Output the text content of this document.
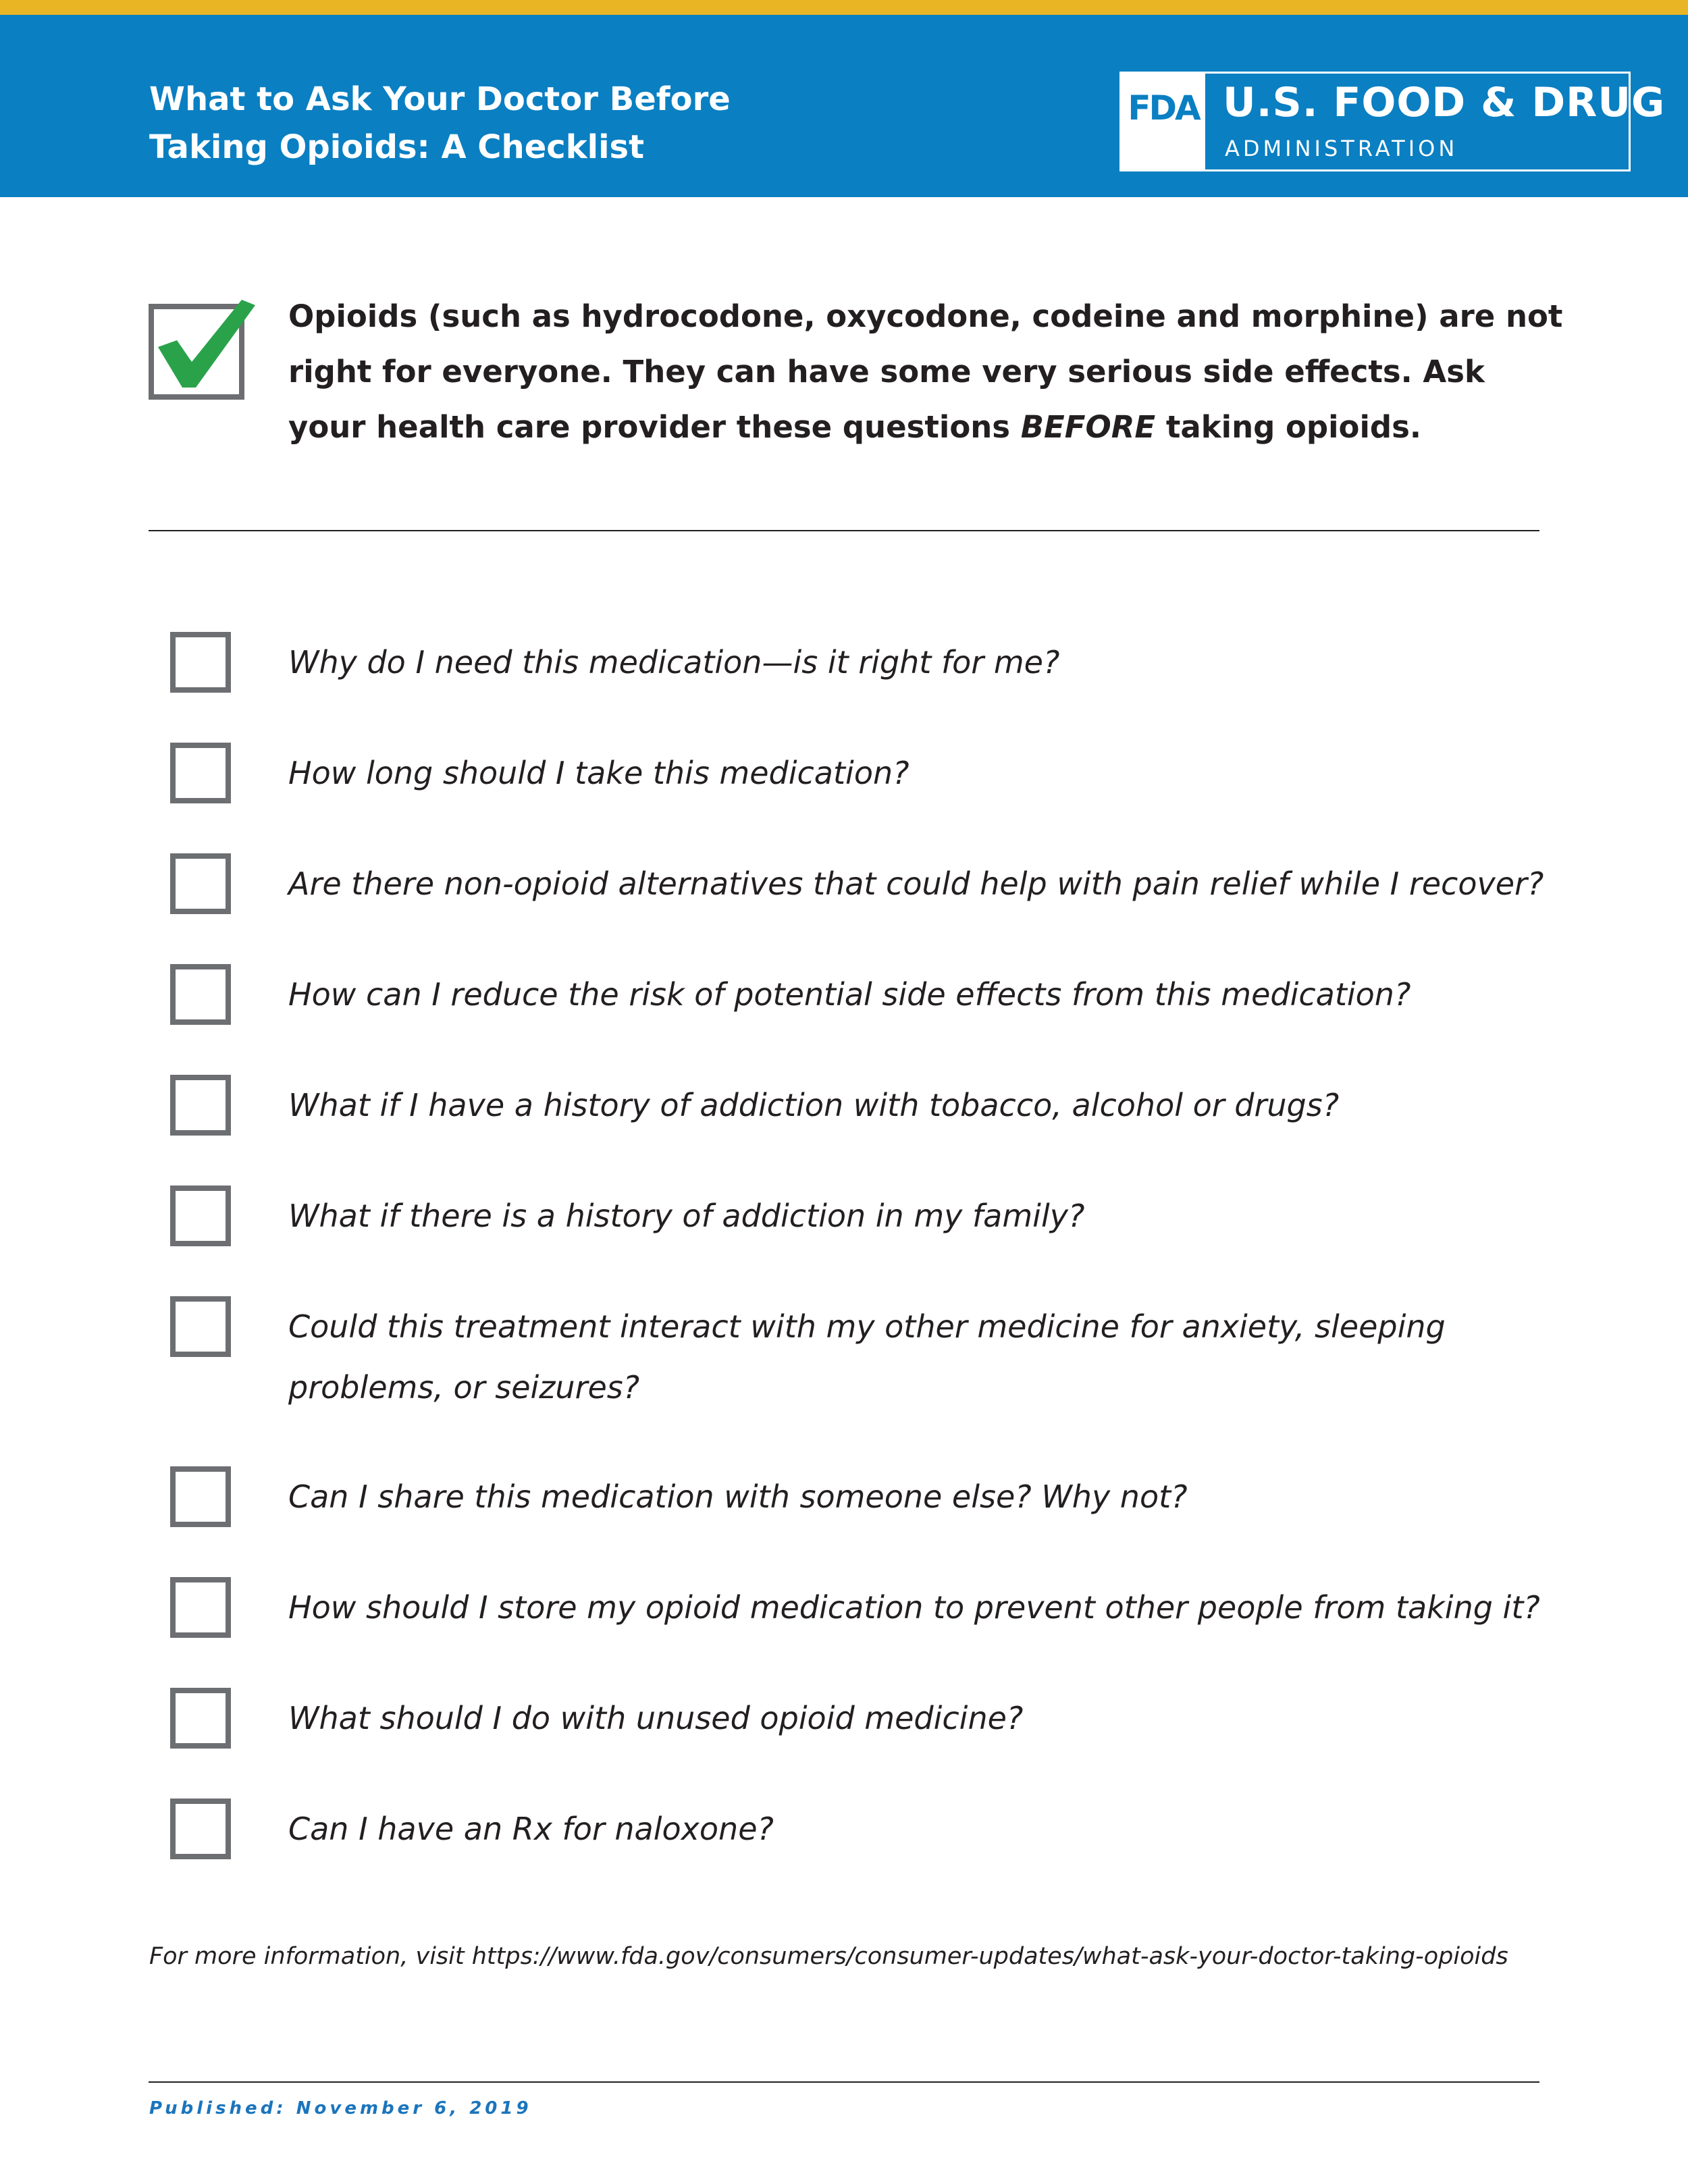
What to Ask Your Doctor Before
Taking Opioids: A Checklist
FDA U.S. FOOD & DRUG
ADMINISTRATION
Opioids (such as hydrocodone, oxycodone, codeine and morphine) are not right for everyone. They can have some very serious side effects. Ask your health care provider these questions BEFORE taking opioids.
Why do I need this medication—is it right for me?
How long should I take this medication?
Are there non-opioid alternatives that could help with pain relief while I recover?
How can I reduce the risk of potential side effects from this medication?
What if I have a history of addiction with tobacco, alcohol or drugs?
What if there is a history of addiction in my family?
Could this treatment interact with my other medicine for anxiety, sleeping problems, or seizures?
Can I share this medication with someone else? Why not?
How should I store my opioid medication to prevent other people from taking it?
What should I do with unused opioid medicine?
Can I have an Rx for naloxone?
For more information, visit https://www.fda.gov/consumers/consumer-updates/what-ask-your-doctor-taking-opioids
Published: November 6, 2019
